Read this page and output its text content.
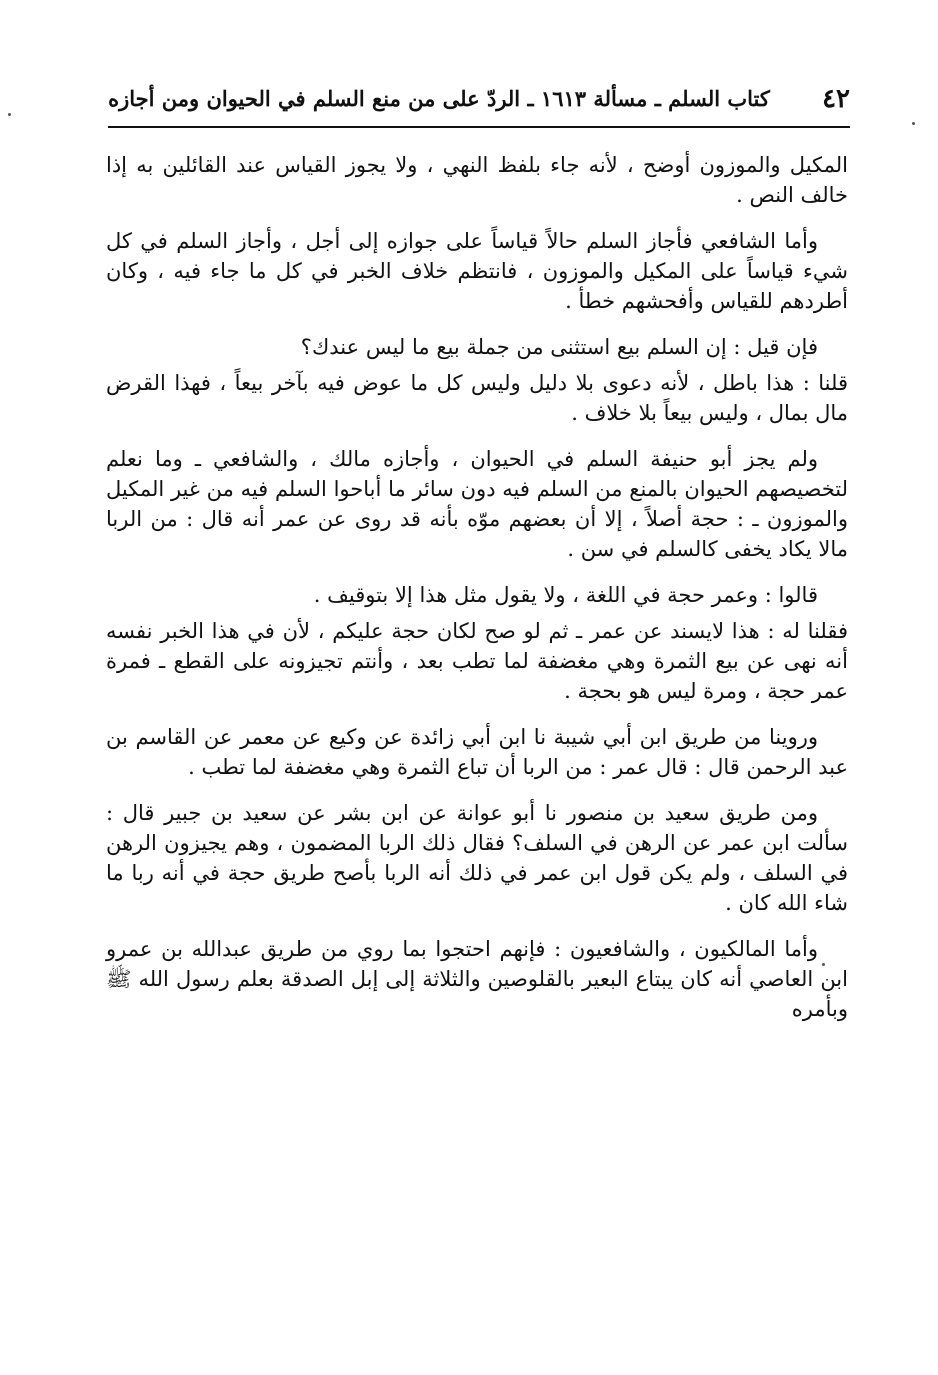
٤٢
كتاب السلم ـ مسألة ١٦١٣ ـ الردّ على من منع السلم في الحيوان ومن أجازه

المكيل والموزون أوضح ، لأنه جاء بلفظ النهي ، ولا يجوز القياس عند القائلين به إذا خالف النص .

وأما الشافعي فأجاز السلم حالاً قياساً على جوازه إلى أجل ، وأجاز السلم في كل شيء قياساً على المكيل والموزون ، فانتظم خلاف الخبر في كل ما جاء فيه ، وكان أطردهم للقياس وأفحشهم خطأ .

فإن قيل : إن السلم بيع استثنى من جملة بيع ما ليس عندك؟

قلنا : هذا باطل ، لأنه دعوى بلا دليل وليس كل ما عوض فيه بآخر بيعاً ، فهذا القرض مال بمال ، وليس بيعاً بلا خلاف .

ولم يجز أبو حنيفة السلم في الحيوان ، وأجازه مالك ، والشافعي ـ وما نعلم لتخصيصهم الحيوان بالمنع من السلم فيه دون سائر ما أباحوا السلم فيه من غير المكيل والموزون ـ : حجة أصلاً ، إلا أن بعضهم موّه بأنه قد روى عن عمر أنه قال : من الربا مالا يكاد يخفى كالسلم في سن .

قالوا : وعمر حجة في اللغة ، ولا يقول مثل هذا إلا بتوقيف .

فقلنا له : هذا لايسند عن عمر ـ ثم لو صح لكان حجة عليكم ، لأن في هذا الخبر نفسه أنه نهى عن بيع الثمرة وهي مغضفة لما تطب بعد ، وأنتم تجيزونه على القطع ـ فمرة عمر حجة ، ومرة ليس هو بحجة .

وروينا من طريق ابن أبي شيبة نا ابن أبي زائدة عن وكيع عن معمر عن القاسم بن عبد الرحمن قال : قال عمر : من الربا أن تباع الثمرة وهي مغضفة لما تطب .

ومن طريق سعيد بن منصور نا أبو عوانة عن ابن بشر عن سعيد بن جبير قال : سألت ابن عمر عن الرهن في السلف؟ فقال ذلك الربا المضمون ، وهم يجيزون الرهن في السلف ، ولم يكن قول ابن عمر في ذلك أنه الربا بأصح طريق حجة في أنه ربا ما شاء الله كان .

وأما المالكيون ، والشافعيون : فإنهم احتجوا بما روي من طريق عبدالله بن عمرو ابن العاصي أنه كان يبتاع البعير بالقلوصين والثلاثة إلى إبل الصدقة بعلم رسول الله ﷺ وبأمره
